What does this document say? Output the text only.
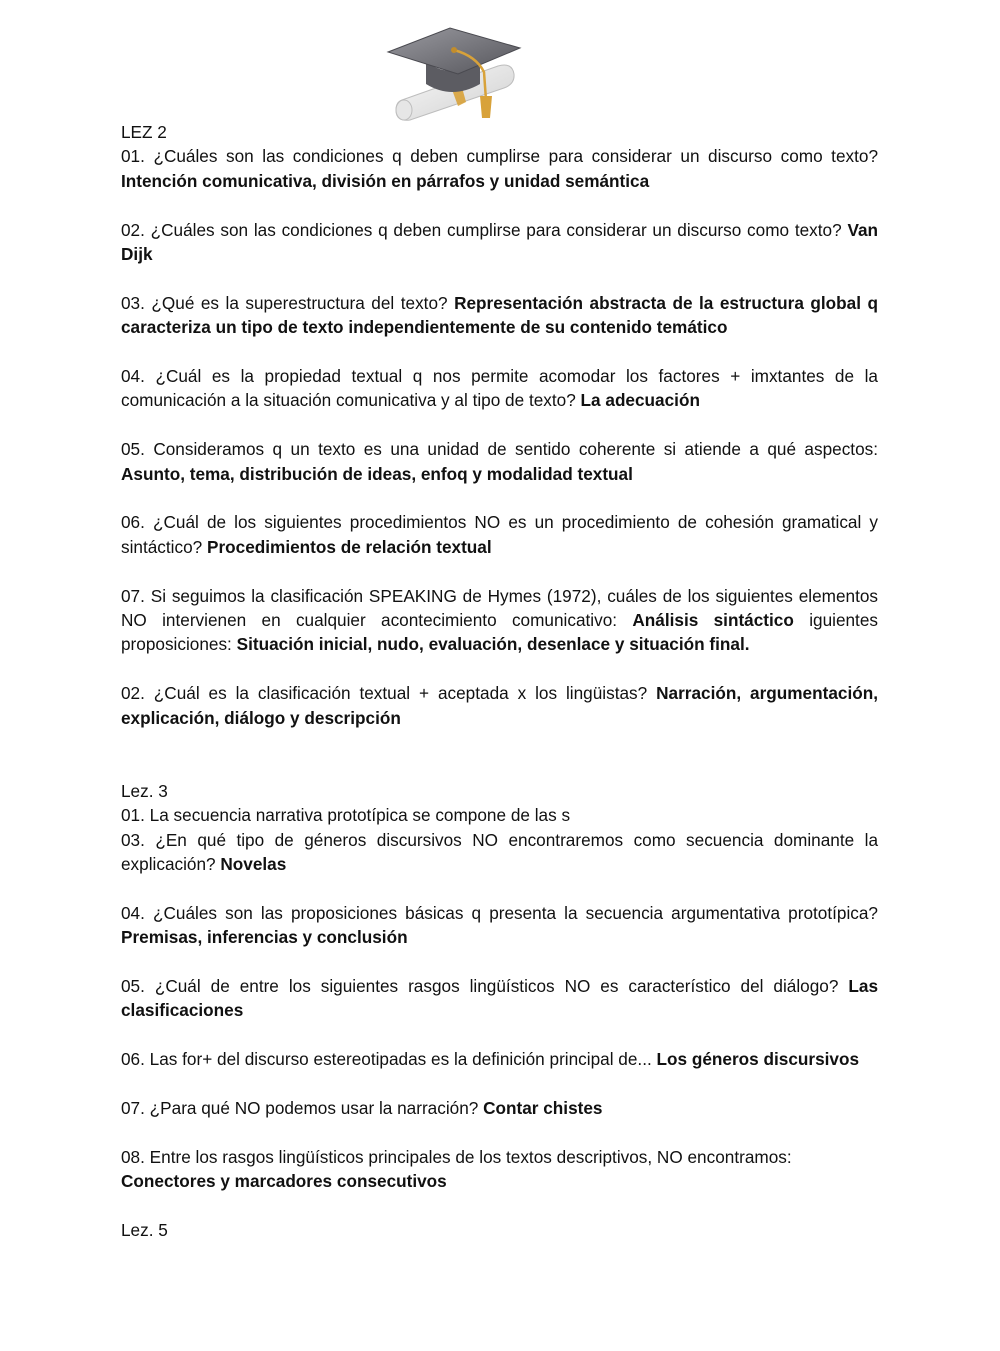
LEZ 2

01. ¿Cuáles son las condiciones q deben cumplirse para considerar un discurso como texto? Intención comunicativa, división en párrafos y unidad semántica

02. ¿Cuáles son las condiciones q deben cumplirse para considerar un discurso como texto? Van Dijk

03. ¿Qué es la superestructura del texto? Representación abstracta de la estructura global q caracteriza un tipo de texto independientemente de su contenido temático

04. ¿Cuál es la propiedad textual q nos permite acomodar los factores + imxtantes de la comunicación a la situación comunicativa y al tipo de texto? La adecuación

05. Consideramos q un texto es una unidad de sentido coherente si atiende a qué aspectos: Asunto, tema, distribución de ideas, enfoq y modalidad textual

06. ¿Cuál de los siguientes procedimientos NO es un procedimiento de cohesión gramatical y sintáctico? Procedimientos de relación textual

07. Si seguimos la clasificación SPEAKING de Hymes (1972), cuáles de los siguientes elementos NO intervienen en cualquier acontecimiento comunicativo: Análisis sintáctico iguientes proposiciones: Situación inicial, nudo, evaluación, desenlace y situación final.

02. ¿Cuál es la clasificación textual + aceptada x los lingüistas? Narración, argumentación, explicación, diálogo y descripción

Lez. 3
01. La secuencia narrativa prototípica se compone de las s

03. ¿En qué tipo de géneros discursivos NO encontraremos como secuencia dominante la explicación? Novelas

04. ¿Cuáles son las proposiciones básicas q presenta la secuencia argumentativa prototípica? Premisas, inferencias y conclusión

05. ¿Cuál de entre los siguientes rasgos lingüísticos NO es característico del diálogo? Las clasificaciones

06. Las for+ del discurso estereotipadas es la definición principal de... Los géneros discursivos

07. ¿Para qué NO podemos usar la narración? Contar chistes

08. Entre los rasgos lingüísticos principales de los textos descriptivos, NO encontramos:
Conectores y marcadores consecutivos

Lez. 5
